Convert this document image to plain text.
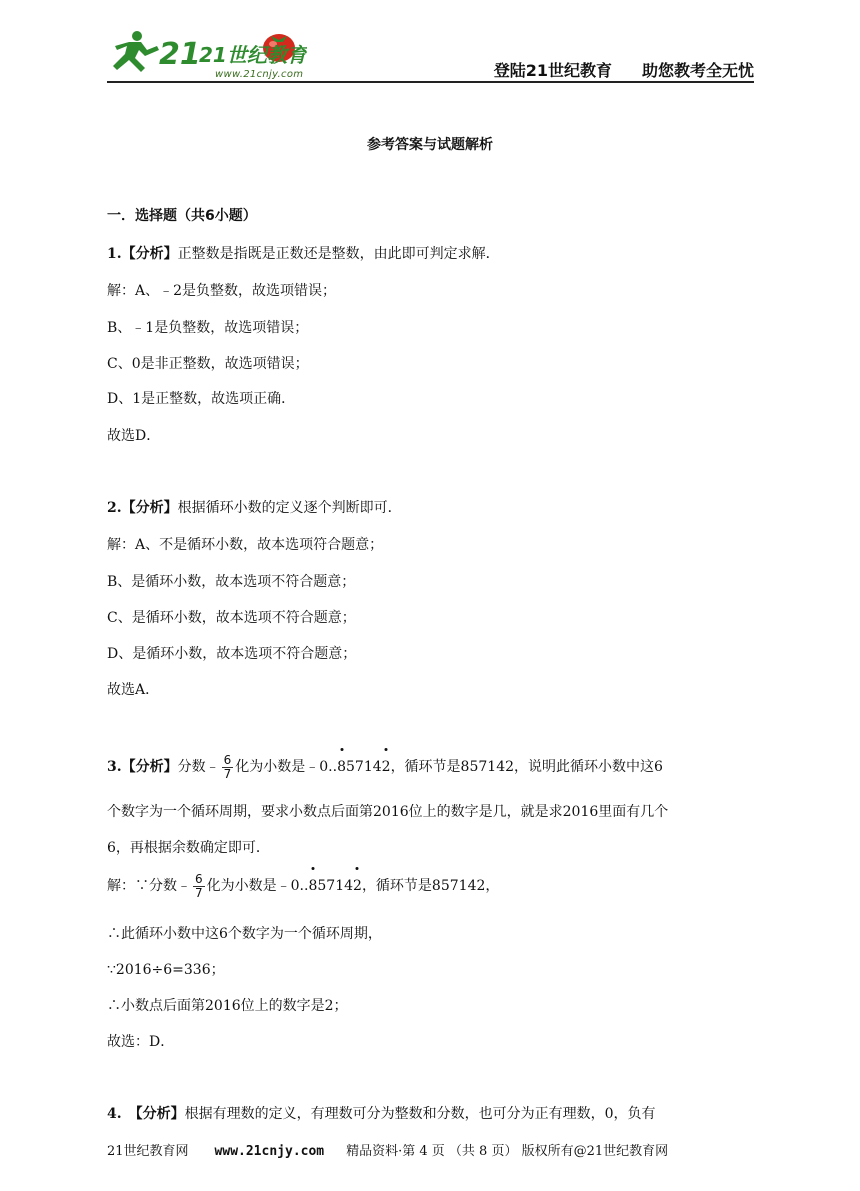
21
21世纪教育
www.21cnjy.com	登陆21世纪教育 助您教考全无忧
参考答案与试题解析
一．选择题（共6小题）
1.【分析】正整数是指既是正数还是整数，由此即可判定求解．
解：A、﹣2是负整数，故选项错误；
B、﹣1是负整数，故选项错误；
C、0是非正整数，故选项错误；
D、1是正整数，故选项正确．
故选D．
2.【分析】根据循环小数的定义逐个判断即可．
解：A、不是循环小数，故本选项符合题意；
B、是循环小数，故本选项不符合题意；
C、是循环小数，故本选项不符合题意；
D、是循环小数，故本选项不符合题意；
故选A．
3.【分析】分数﹣ $\frac{6}{7}$ 化为小数是﹣0..857142，循环节是857142，说明此循环小数中这6
个数字为一个循环周期，要求小数点后面第2016位上的数字是几，就是求2016里面有几个
6，再根据余数确定即可．
解：∵分数﹣ $\frac{6}{7}$ 化为小数是﹣0..857142，循环节是857142，
∴此循环小数中这6个数字为一个循环周期，
∵2016÷6=336；
∴小数点后面第2016位上的数字是2；
故选：D．
4.　【分析】根据有理数的定义，有理数可分为整数和分数，也可分为正有理数，0，负有
21世纪教育网 www.21cnjy.com 精品资料·第 4 页 （共 8 页） 版权所有@21世纪教育网
